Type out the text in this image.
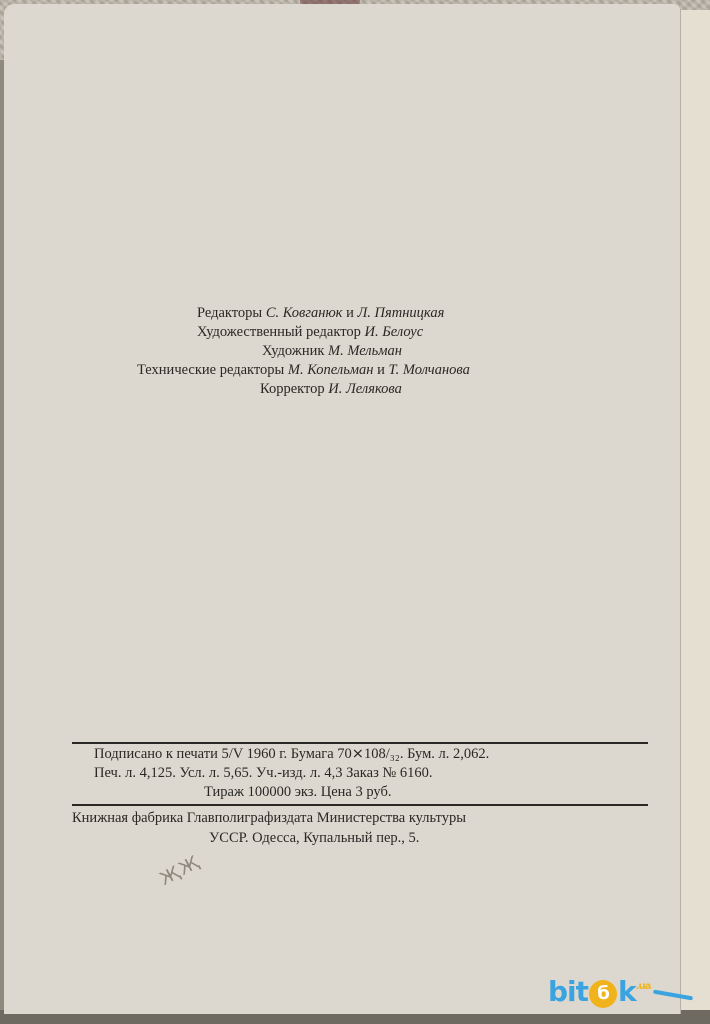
Редакторы С. Ковганюк и Л. Пятницкая
Художественный редактор И. Белоус
Художник М. Мельман
Технические редакторы М. Копельман и Т. Молчанова
Корректор И. Лелякова
Подписано к печати 5/V 1960 г. Бумага 70⨯108/₃₂. Бум. л. 2,062.
Печ. л. 4,125. Усл. л. 5,65. Уч.-изд. л. 4,3 Заказ № 6160.
Тираж 100000 экз. Цена 3 руб.
Книжная фабрика Главполиграфиздата Министерства культуры
УССР. Одесса, Купальный пер., 5.
ҖҖ
bit б $k^{.ua}$
